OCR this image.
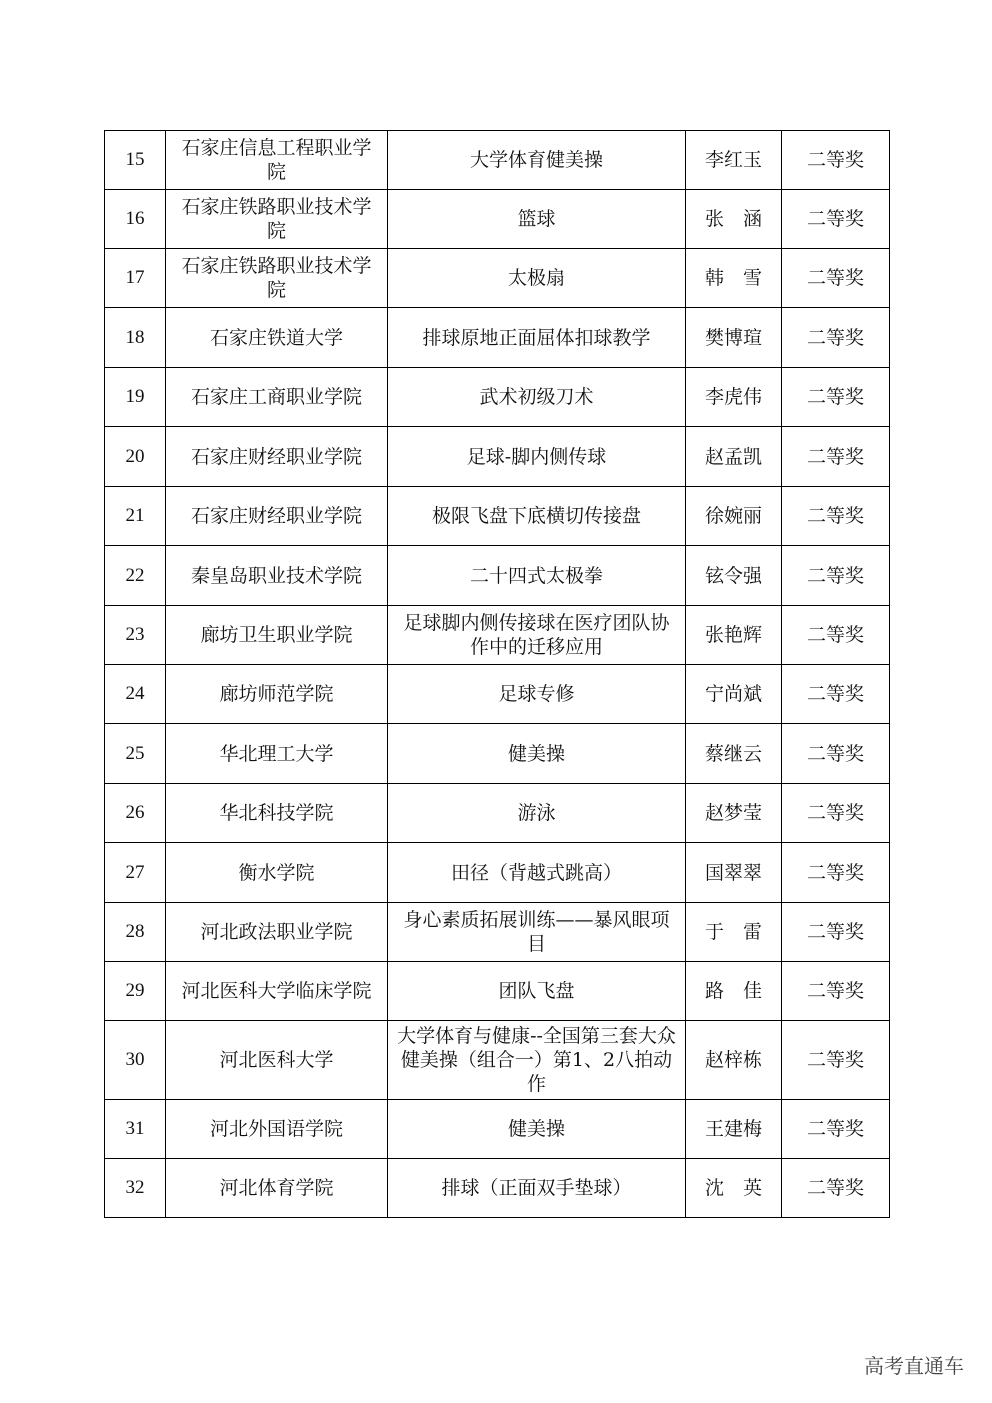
15	石家庄信息工程职业学院	大学体育健美操	李红玉	二等奖
16	石家庄铁路职业技术学院	篮球	张　涵	二等奖
17	石家庄铁路职业技术学院	太极扇	韩　雪	二等奖
18	石家庄铁道大学	排球原地正面屈体扣球教学	樊博瑄	二等奖
19	石家庄工商职业学院	武术初级刀术	李虎伟	二等奖
20	石家庄财经职业学院	足球-脚内侧传球	赵孟凯	二等奖
21	石家庄财经职业学院	极限飞盘下底横切传接盘	徐婉丽	二等奖
22	秦皇岛职业技术学院	二十四式太极拳	铉令强	二等奖
23	廊坊卫生职业学院	足球脚内侧传接球在医疗团队协作中的迁移应用	张艳辉	二等奖
24	廊坊师范学院	足球专修	宁尚斌	二等奖
25	华北理工大学	健美操	蔡继云	二等奖
26	华北科技学院	游泳	赵梦莹	二等奖
27	衡水学院	田径（背越式跳高）	国翠翠	二等奖
28	河北政法职业学院	身心素质拓展训练——暴风眼项目	于　雷	二等奖
29	河北医科大学临床学院	团队飞盘	路　佳	二等奖
30	河北医科大学	大学体育与健康--全国第三套大众健美操（组合一）第1、2八拍动作	赵梓栋	二等奖
31	河北外国语学院	健美操	王建梅	二等奖
32	河北体育学院	排球（正面双手垫球）	沈　英	二等奖
高考直通车
